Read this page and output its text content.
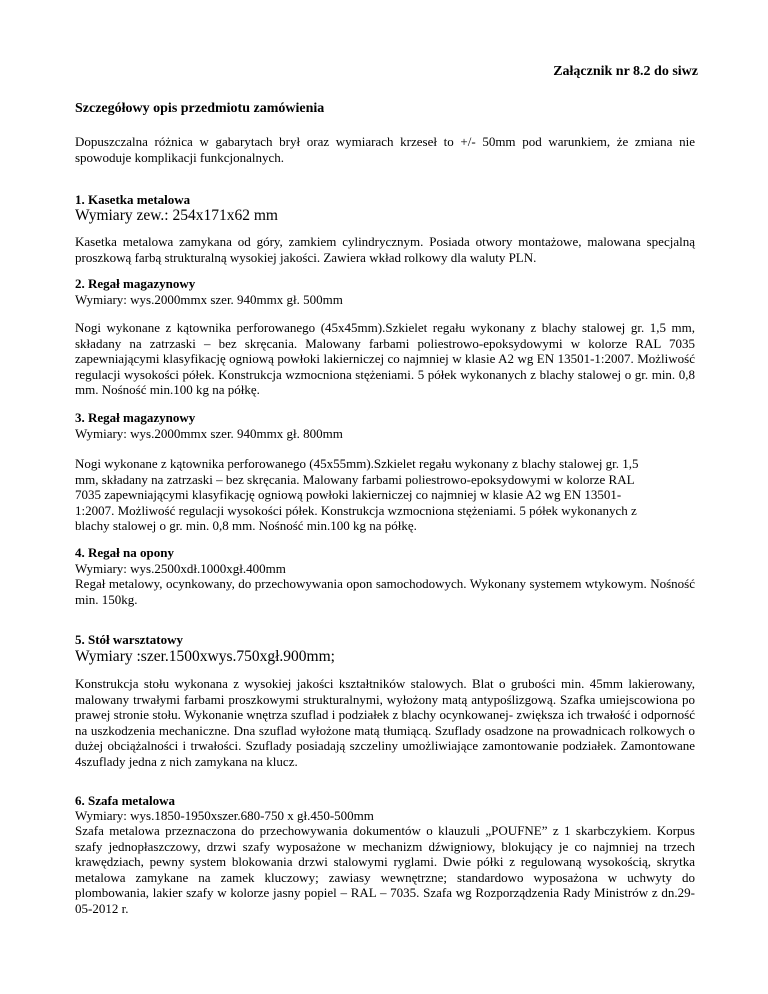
Załącznik nr 8.2 do siwz
Szczegółowy opis przedmiotu zamówienia

Dopuszczalna różnica w gabarytach brył oraz wymiarach krzeseł to +/- 50mm pod warunkiem, że zmiana nie spowoduje komplikacji funkcjonalnych.

1. Kasetka metalowa
Wymiary zew.: 254x171x62 mm

Kasetka metalowa zamykana od góry, zamkiem cylindrycznym. Posiada otwory montażowe, malowana specjalną proszkową farbą strukturalną wysokiej jakości. Zawiera wkład rolkowy dla waluty PLN.

2. Regał magazynowy
Wymiary: wys.2000mmx szer. 940mmx gł. 500mm

Nogi wykonane z kątownika perforowanego (45x45mm).Szkielet regału wykonany z blachy stalowej gr. 1,5 mm, składany na zatrzaski – bez skręcania. Malowany farbami poliestrowo-epoksydowymi w kolorze RAL 7035 zapewniającymi klasyfikację ogniową powłoki lakierniczej co najmniej w klasie A2 wg EN 13501-1:2007. Możliwość regulacji wysokości półek. Konstrukcja wzmocniona stężeniami. 5 półek wykonanych z blachy stalowej o gr. min. 0,8 mm. Nośność min.100 kg na półkę.

3. Regał magazynowy
Wymiary: wys.2000mmx szer. 940mmx gł. 800mm

Nogi wykonane z kątownika perforowanego (45x55mm).Szkielet regału wykonany z blachy stalowej gr. 1,5
mm, składany na zatrzaski – bez skręcania. Malowany farbami poliestrowo-epoksydowymi w kolorze RAL
7035 zapewniającymi klasyfikację ogniową powłoki lakierniczej co najmniej w klasie A2 wg EN 13501-
1:2007. Możliwość regulacji wysokości półek. Konstrukcja wzmocniona stężeniami. 5 półek wykonanych z
blachy stalowej o gr. min. 0,8 mm. Nośność min.100 kg na półkę.

4. Regał na opony
Wymiary: wys.2500xdł.1000xgł.400mm

Regał metalowy, ocynkowany, do przechowywania opon samochodowych. Wykonany systemem wtykowym. Nośność min. 150kg.

5. Stół warsztatowy
Wymiary :szer.1500xwys.750xgł.900mm;

Konstrukcja stołu wykonana z wysokiej jakości kształtników stalowych. Blat o grubości min. 45mm lakierowany, malowany trwałymi farbami proszkowymi strukturalnymi, wyłożony matą antypoślizgową. Szafka umiejscowiona po prawej stronie stołu. Wykonanie wnętrza szuflad i podziałek z blachy ocynkowanej- zwiększa ich trwałość i odporność na uszkodzenia mechaniczne. Dna szuflad wyłożone matą tłumiącą. Szuflady osadzone na prowadnicach rolkowych o dużej obciążalności i trwałości. Szuflady posiadają szczeliny umożliwiające zamontowanie podziałek. Zamontowane 4szuflady jedna z nich zamykana na klucz.

6. Szafa metalowa
Wymiary: wys.1850-1950xszer.680-750 x gł.450-500mm

Szafa metalowa przeznaczona do przechowywania dokumentów o klauzuli „POUFNE” z 1 skarbczykiem. Korpus szafy jednopłaszczowy, drzwi szafy wyposażone w mechanizm dźwigniowy, blokujący je co najmniej na trzech krawędziach, pewny system blokowania drzwi stalowymi ryglami. Dwie półki z regulowaną wysokością, skrytka metalowa zamykane na zamek kluczowy; zawiasy wewnętrzne; standardowo wyposażona w uchwyty do plombowania, lakier szafy w kolorze jasny popiel – RAL – 7035. Szafa wg Rozporządzenia Rady Ministrów z dn.29- 05-2012 r.
